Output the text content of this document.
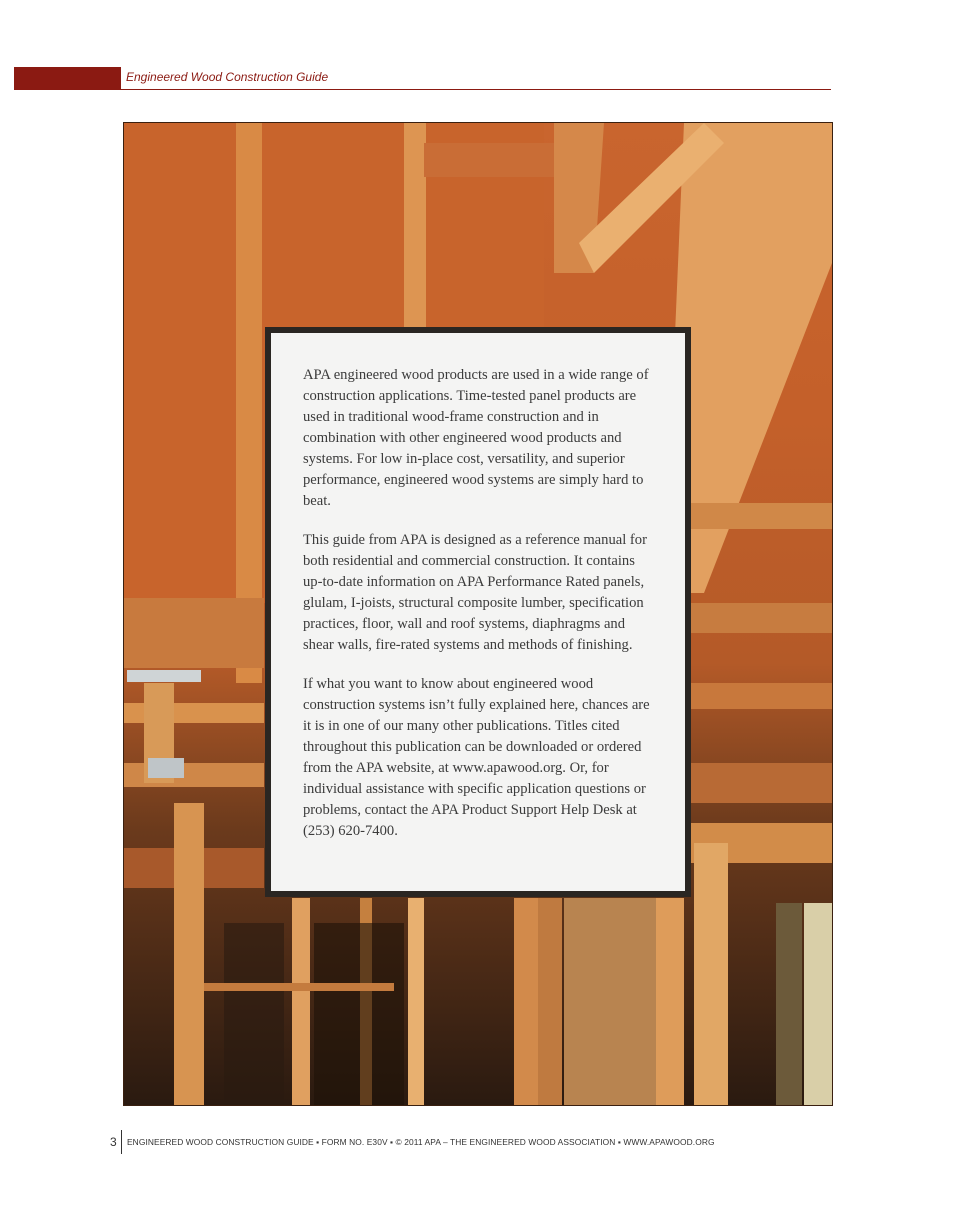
Engineered Wood Construction Guide

APA engineered wood products are used in a wide range of construction applications. Time-tested panel products are used in traditional wood-frame construction and in combination with other engineered wood products and systems. For low in-place cost, versatility, and superior performance, engineered wood systems are simply hard to beat.

This guide from APA is designed as a reference manual for both residential and commercial construction. It contains up-to-date information on APA Performance Rated panels, glulam, I-joists, structural composite lumber, specification practices, floor, wall and roof systems, diaphragms and shear walls, fire-rated systems and methods of finishing.

If what you want to know about engineered wood construction systems isn’t fully explained here, chances are it is in one of our many other publications. Titles cited throughout this publication can be downloaded or ordered from the APA website, at www.apawood.org. Or, for individual assistance with specific application questions or problems, contact the APA Product Support Help Desk at (253) 620-7400.

3 ENGINEERED WOOD CONSTRUCTION GUIDE ▪ FORM NO. E30V ▪ © 2011 APA – THE ENGINEERED WOOD ASSOCIATION ▪ WWW.APAWOOD.ORG
